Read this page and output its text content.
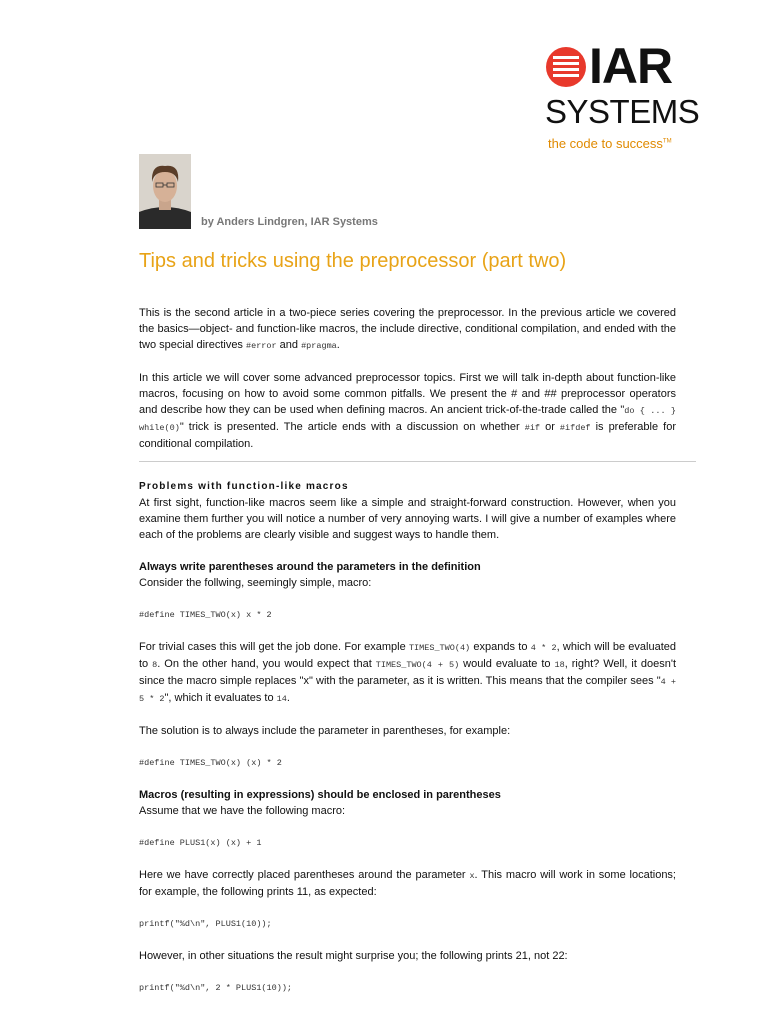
IAR
SYSTEMS
the code to success™
by Anders Lindgren, IAR Systems
Tips and tricks using the preprocessor (part two)

This is the second article in a two-piece series covering the preprocessor. In the previous article we covered the basics—object- and function-like macros, the include directive, conditional compilation, and ended with the two special directives #error and #pragma.

In this article we will cover some advanced preprocessor topics. First we will talk in-depth about function-like macros, focusing on how to avoid some common pitfalls. We present the # and ## preprocessor operators and describe how they can be used when defining macros. An ancient trick-of-the-trade called the "do { ... } while(0)" trick is presented. The article ends with a discussion on whether #if or #ifdef is preferable for conditional compilation.

Problems with function-like macros

At first sight, function-like macros seem like a simple and straight-forward construction. However, when you examine them further you will notice a number of very annoying warts. I will give a number of examples where each of the problems are clearly visible and suggest ways to handle them.

Always write parentheses around the parameters in the definition

Consider the follwing, seemingly simple, macro:

#define TIMES_TWO(x) x * 2

For trivial cases this will get the job done. For example TIMES_TWO(4) expands to 4 * 2, which will be evaluated to 8. On the other hand, you would expect that TIMES_TWO(4 + 5) would evaluate to 18, right? Well, it doesn't since the macro simple replaces "x" with the parameter, as it is written. This means that the compiler sees "4 + 5 * 2", which it evaluates to 14.

The solution is to always include the parameter in parentheses, for example:

#define TIMES_TWO(x) (x) * 2

Macros (resulting in expressions) should be enclosed in parentheses

Assume that we have the following macro:

#define PLUS1(x) (x) + 1

Here we have correctly placed parentheses around the parameter x. This macro will work in some locations; for example, the following prints 11, as expected:

printf("%d\n", PLUS1(10));

However, in other situations the result might surprise you; the following prints 21, not 22:

printf("%d\n", 2 * PLUS1(10));
